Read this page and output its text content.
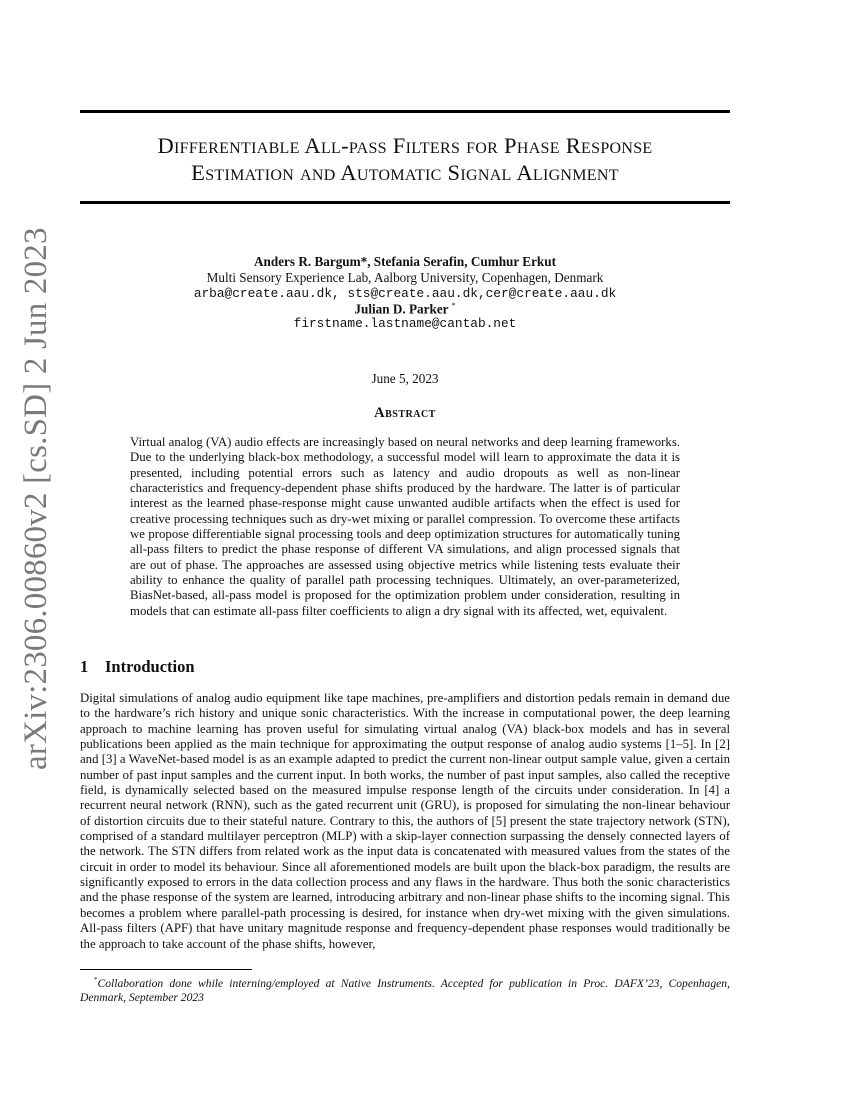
arXiv:2306.00860v2 [cs.SD] 2 Jun 2023
Differentiable All-pass Filters for Phase Response
Estimation and Automatic Signal Alignment
Anders R. Bargum*, Stefania Serafin, Cumhur Erkut
Multi Sensory Experience Lab, Aalborg University, Copenhagen, Denmark
arba@create.aau.dk, sts@create.aau.dk,cer@create.aau.dk
Julian D. Parker *
firstname.lastname@cantab.net
June 5, 2023
Abstract
Virtual analog (VA) audio effects are increasingly based on neural networks and deep learning frameworks. Due to the underlying black-box methodology, a successful model will learn to approximate the data it is presented, including potential errors such as latency and audio dropouts as well as non-linear characteristics and frequency-dependent phase shifts produced by the hardware. The latter is of particular interest as the learned phase-response might cause unwanted audible artifacts when the effect is used for creative processing techniques such as dry-wet mixing or parallel compression. To overcome these artifacts we propose differentiable signal processing tools and deep optimization structures for automatically tuning all-pass filters to predict the phase response of different VA simulations, and align processed signals that are out of phase. The approaches are assessed using objective metrics while listening tests evaluate their ability to enhance the quality of parallel path processing techniques. Ultimately, an over-parameterized, BiasNet-based, all-pass model is proposed for the optimization problem under consideration, resulting in models that can estimate all-pass filter coefficients to align a dry signal with its affected, wet, equivalent.
1 Introduction
Digital simulations of analog audio equipment like tape machines, pre-amplifiers and distortion pedals remain in demand due to the hardware’s rich history and unique sonic characteristics. With the increase in computational power, the deep learning approach to machine learning has proven useful for simulating virtual analog (VA) black-box models and has in several publications been applied as the main technique for approximating the output response of analog audio systems [1–5]. In [2] and [3] a WaveNet-based model is as an example adapted to predict the current non-linear output sample value, given a certain number of past input samples and the current input. In both works, the number of past input samples, also called the receptive field, is dynamically selected based on the measured impulse response length of the circuits under consideration. In [4] a recurrent neural network (RNN), such as the gated recurrent unit (GRU), is proposed for simulating the non-linear behaviour of distortion circuits due to their stateful nature. Contrary to this, the authors of [5] present the state trajectory network (STN), comprised of a standard multilayer perceptron (MLP) with a skip-layer connection surpassing the densely connected layers of the network. The STN differs from related work as the input data is concatenated with measured values from the states of the circuit in order to model its behaviour. Since all aforementioned models are built upon the black-box paradigm, the results are significantly exposed to errors in the data collection process and any flaws in the hardware. Thus both the sonic characteristics and the phase response of the system are learned, introducing arbitrary and non-linear phase shifts to the incoming signal. This becomes a problem where parallel-path processing is desired, for instance when dry-wet mixing with the given simulations. All-pass filters (APF) that have unitary magnitude response and frequency-dependent phase responses would traditionally be the approach to take account of the phase shifts, however,
*Collaboration done while interning/employed at Native Instruments. Accepted for publication in Proc. DAFX’23, Copenhagen, Denmark, September 2023
